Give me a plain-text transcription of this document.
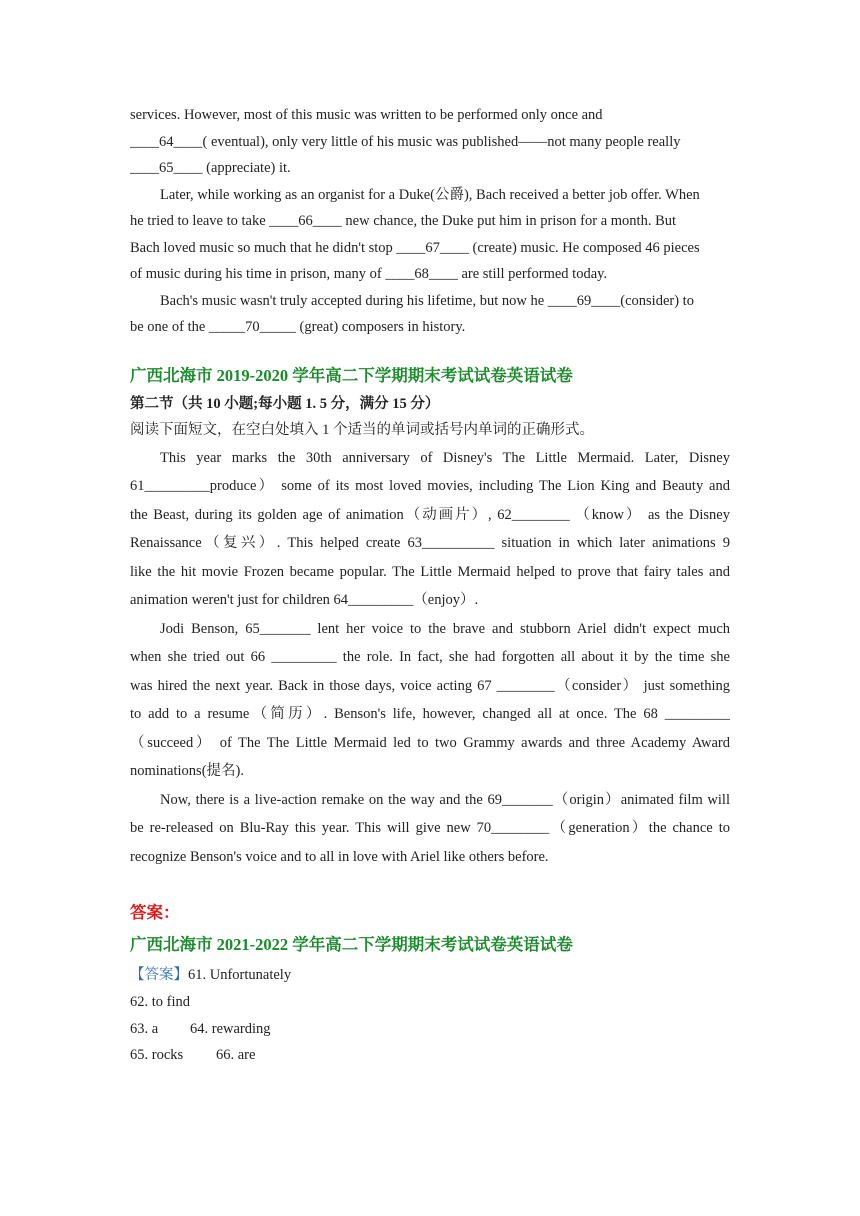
services. However, most of this music was written to be performed only once and
____64____( eventual), only very little of his music was published——not many people really
____65____ (appreciate) it.
Later, while working as an organist for a Duke(公爵), Bach received a better job offer. When
he tried to leave to take ____66____ new chance, the Duke put him in prison for a month. But
Bach loved music so much that he didn't stop ____67____ (create) music. He composed 46 pieces
of music during his time in prison, many of ____68____ are still performed today.
Bach's music wasn't truly accepted during his lifetime, but now he ____69____(consider) to
be one of the _____70_____ (great) composers in history.
广西北海市 2019-2020 学年高二下学期期末考试试卷英语试卷
第二节（共 10 小题;每小题 1. 5 分，满分 15 分）
阅读下面短文，在空白处填入 1 个适当的单词或括号内单词的正确形式。
This year marks the 30th anniversary of Disney's The Little Mermaid. Later, Disney
61_________produce） some of its most loved movies, including The Lion King and Beauty and
the Beast, during its golden age of animation（动画片）, 62________ （know） as the Disney
Renaissance（复兴）. This helped create 63__________ situation in which later animations 9
like the hit movie Frozen became popular. The Little Mermaid helped to prove that fairy tales and
animation weren't just for children 64_________（enjoy）.
Jodi Benson, 65_______ lent her voice to the brave and stubborn Ariel didn't expect much
when she tried out 66 _________ the role. In fact, she had forgotten all about it by the time she
was hired the next year. Back in those days, voice acting 67 ________（consider） just something
to add to a resume（简历）. Benson's life, however, changed all at once. The 68 _________
（succeed） of The The Little Mermaid led to two Grammy awards and three Academy Award
nominations(提名).
Now, there is a live-action remake on the way and the 69_______（origin）animated film will
be re-released on Blu-Ray this year. This will give new 70________（generation）the chance to
recognize Benson's voice and to all in love with Ariel like others before.
答案：
广西北海市 2021-2022 学年高二下学期期末考试试卷英语试卷
【答案】61. Unfortunately
62. to find
63. a 64. rewarding
65. rocks 66. are
